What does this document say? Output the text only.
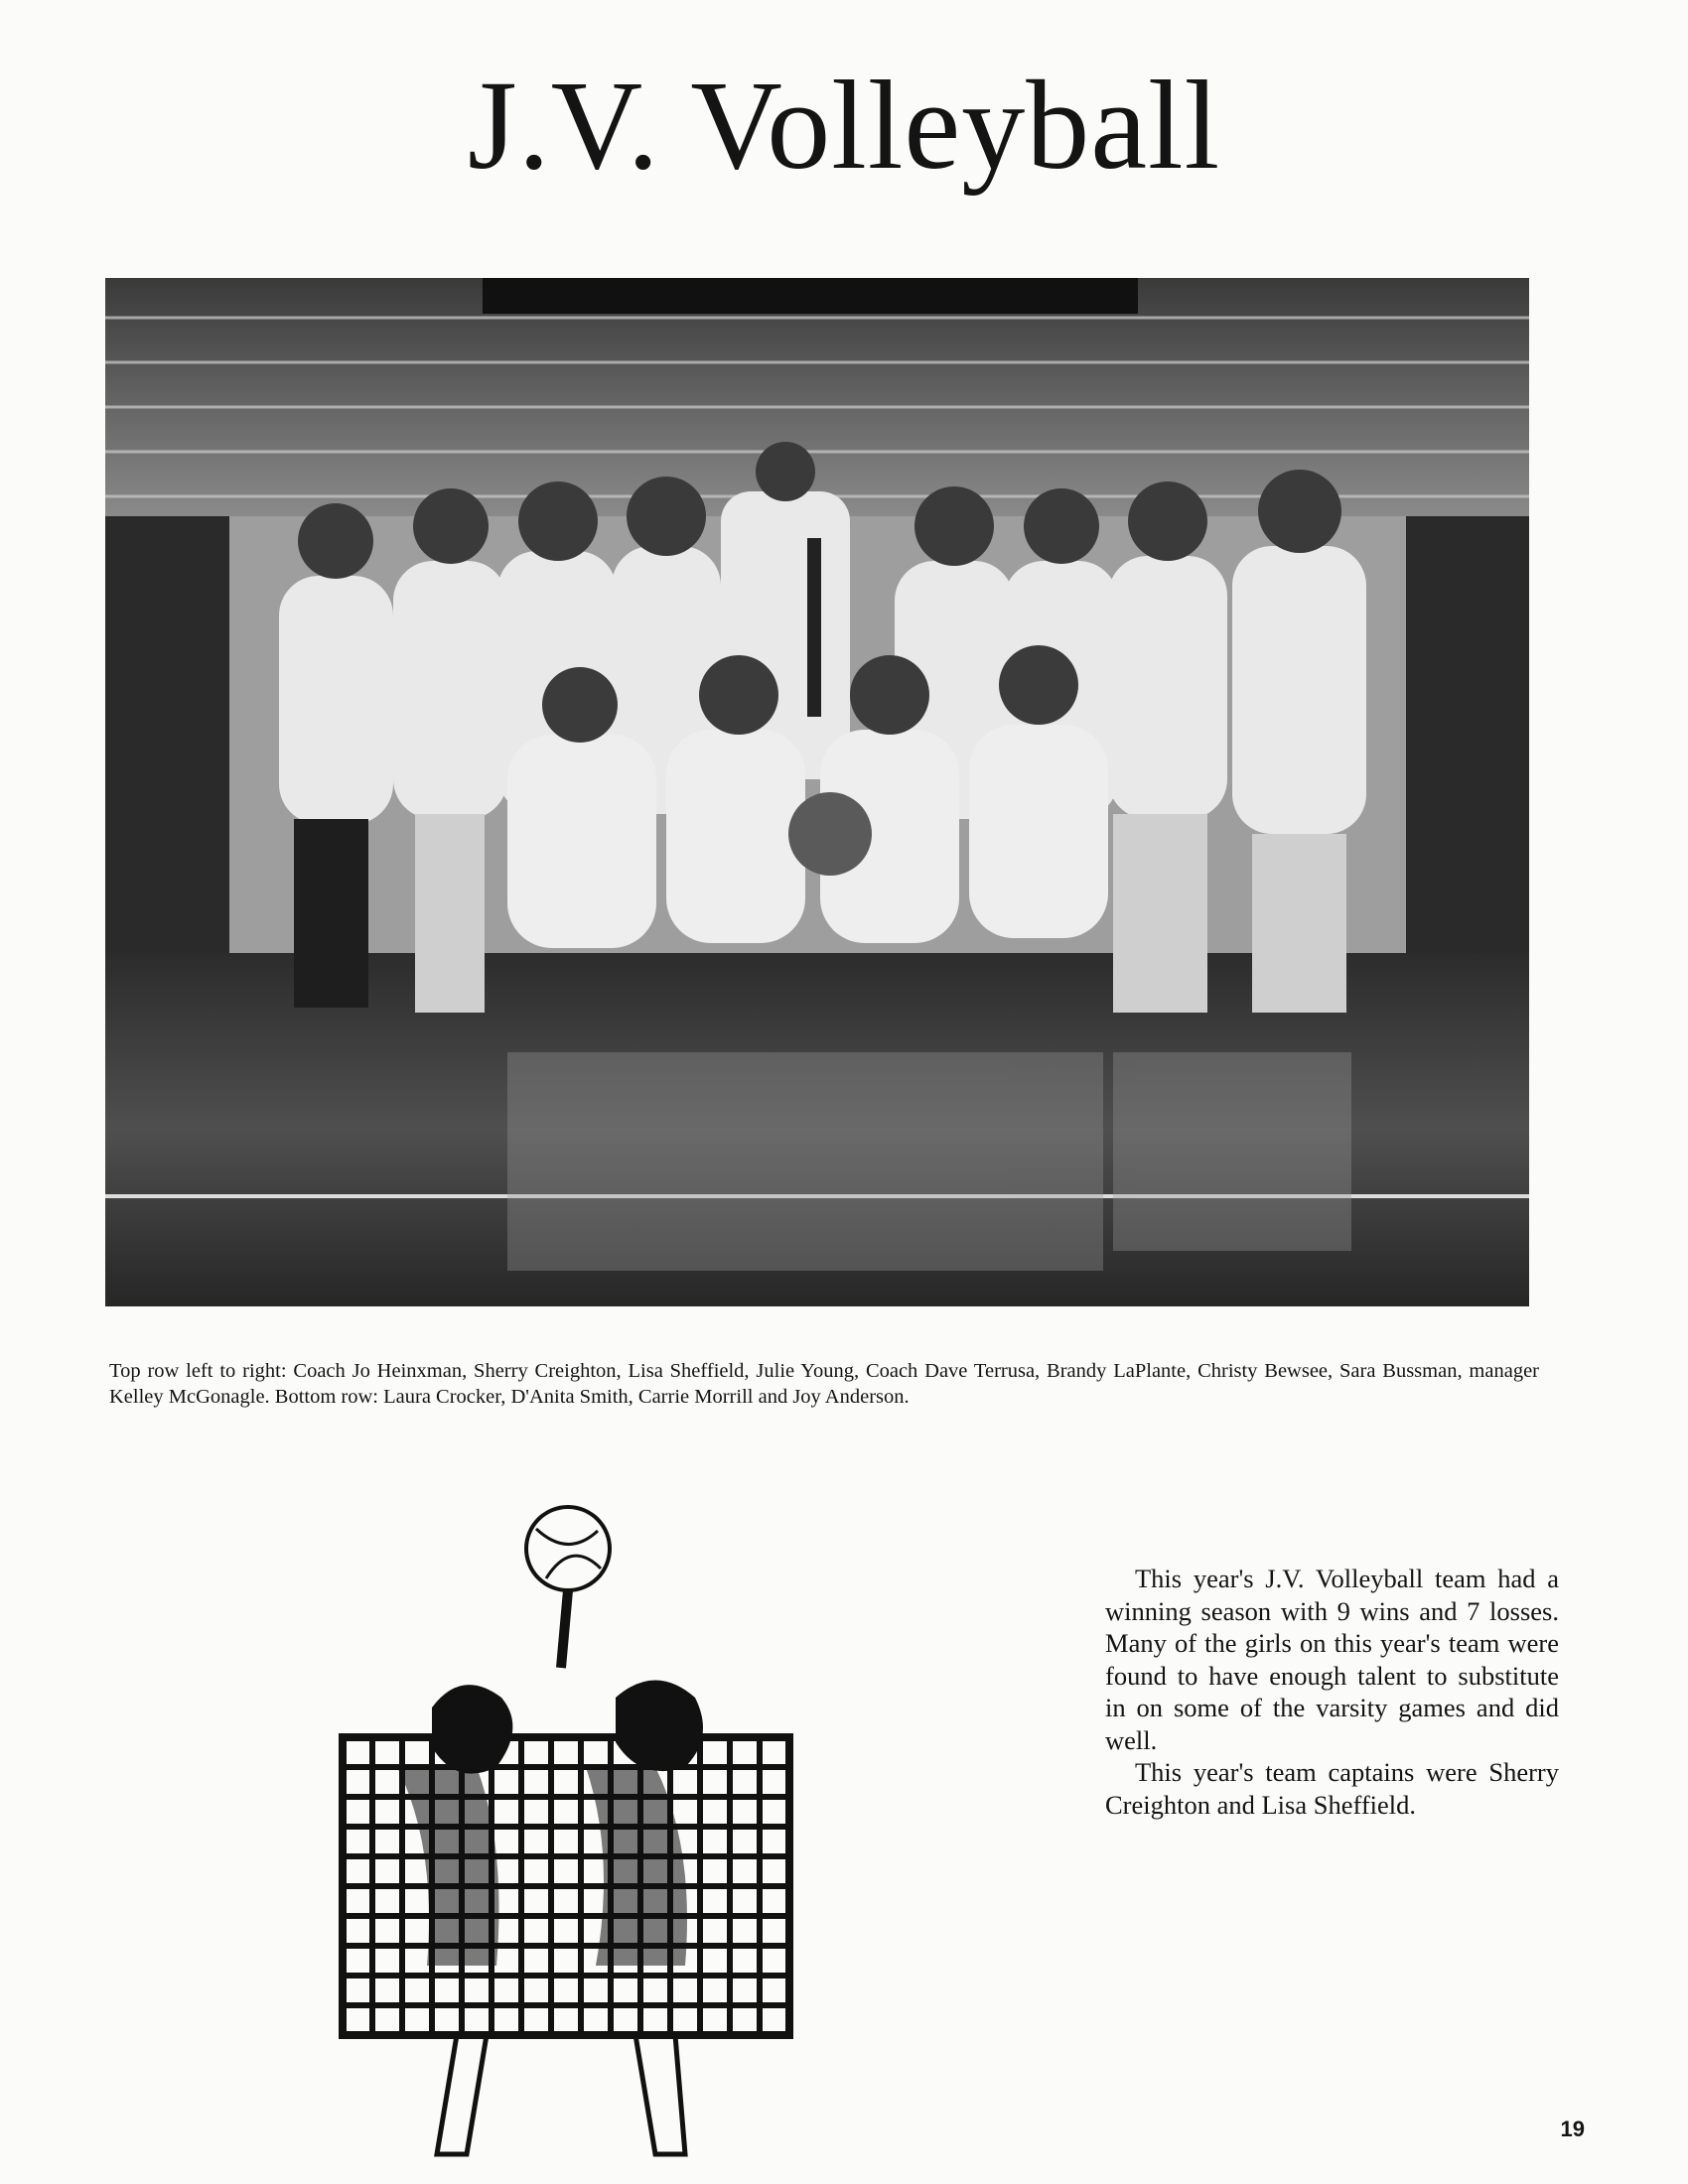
J.V. Volleyball

Top row left to right: Coach Jo Heinxman, Sherry Creighton, Lisa Sheffield, Julie Young, Coach Dave Terrusa, Brandy LaPlante, Christy Bewsee, Sara Bussman, manager Kelley McGonagle. Bottom row: Laura Crocker, D'Anita Smith, Carrie Morrill and Joy Anderson.

This year's J.V. Volleyball team had a winning season with 9 wins and 7 losses. Many of the girls on this year's team were found to have enough talent to substitute in on some of the varsity games and did well.

This year's team captains were Sherry Creighton and Lisa Sheffield.

19
